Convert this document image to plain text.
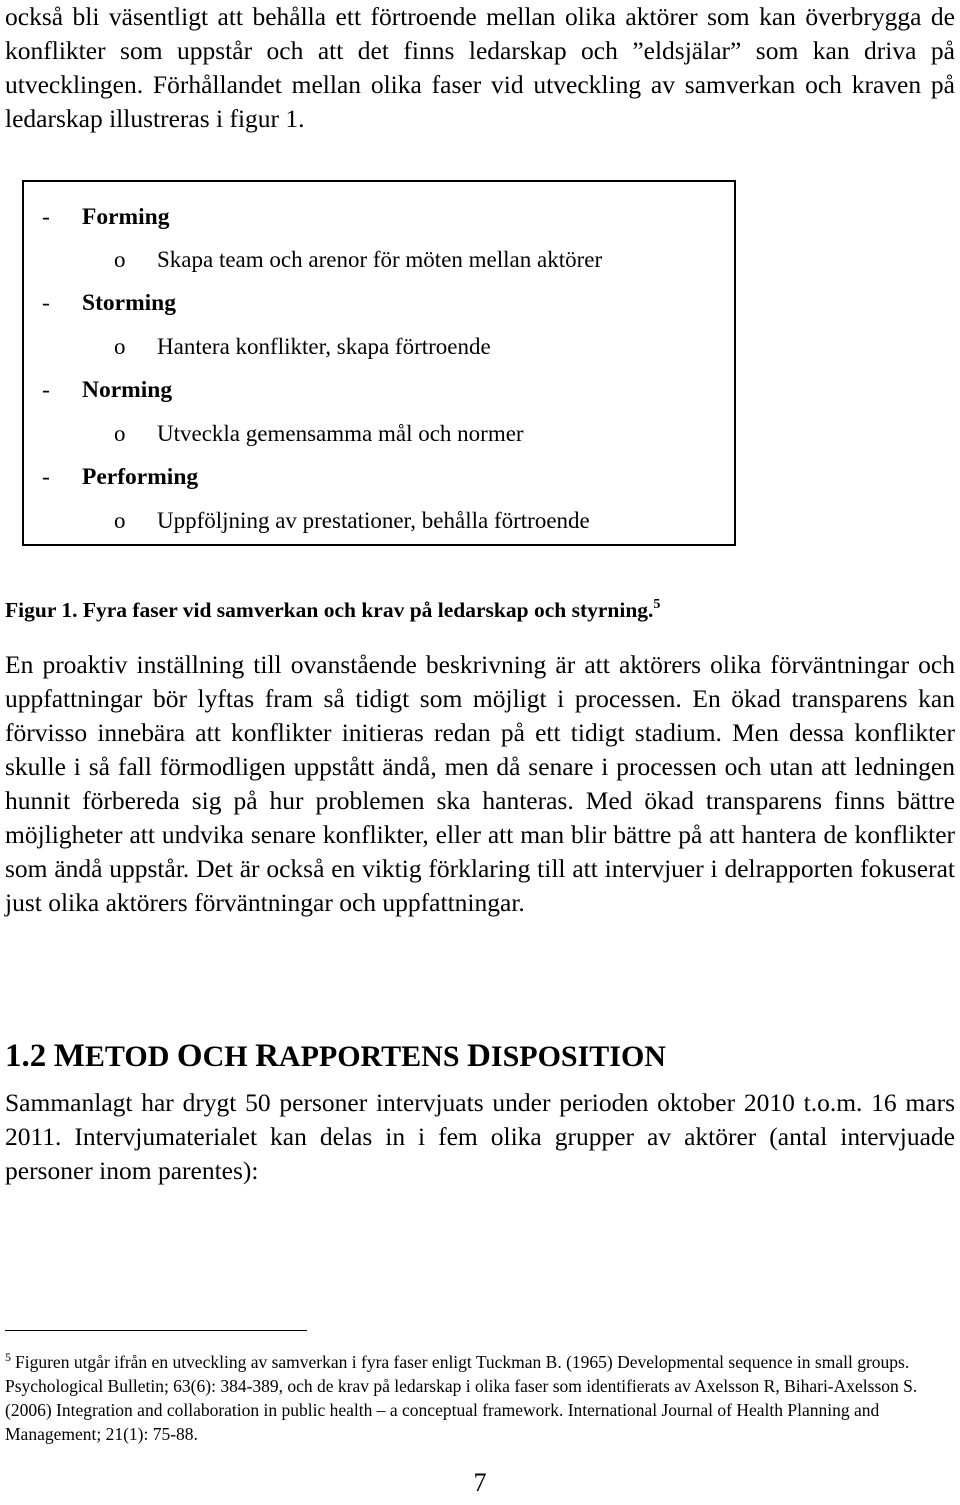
också bli väsentligt att behålla ett förtroende mellan olika aktörer som kan överbrygga de konflikter som uppstår och att det finns ledarskap och ”eldsjälar” som kan driva på utvecklingen. Förhållandet mellan olika faser vid utveckling av samverkan och kraven på ledarskap illustreras i figur 1.

- Forming
o Skapa team och arenor för möten mellan aktörer
- Storming
o Hantera konflikter, skapa förtroende
- Norming
o Utveckla gemensamma mål och normer
- Performing
o Uppföljning av prestationer, behålla förtroende
Figur 1. Fyra faser vid samverkan och krav på ledarskap och styrning.$^5$

En proaktiv inställning till ovanstående beskrivning är att aktörers olika förväntningar och uppfattningar bör lyftas fram så tidigt som möjligt i processen. En ökad transparens kan förvisso innebära att konflikter initieras redan på ett tidigt stadium. Men dessa konflikter skulle i så fall förmodligen uppstått ändå, men då senare i processen och utan att ledningen hunnit förbereda sig på hur problemen ska hanteras. Med ökad transparens finns bättre möjligheter att undvika senare konflikter, eller att man blir bättre på att hantera de konflikter som ändå uppstår. Det är också en viktig förklaring till att intervjuer i delrapporten fokuserat just olika aktörers förväntningar och uppfattningar.

1.2 METOD OCH RAPPORTENS DISPOSITION

Sammanlagt har drygt 50 personer intervjuats under perioden oktober 2010 t.o.m. 16 mars 2011. Intervjumaterialet kan delas in i fem olika grupper av aktörer (antal intervjuade personer inom parentes):

$^5$ Figuren utgår ifrån en utveckling av samverkan i fyra faser enligt Tuckman B. (1965) Developmental sequence in small groups. Psychological Bulletin; 63(6): 384-389, och de krav på ledarskap i olika faser som identifierats av Axelsson R, Bihari-Axelsson S. (2006) Integration and collaboration in public health – a conceptual framework. International Journal of Health Planning and Management; 21(1): 75-88.

7
